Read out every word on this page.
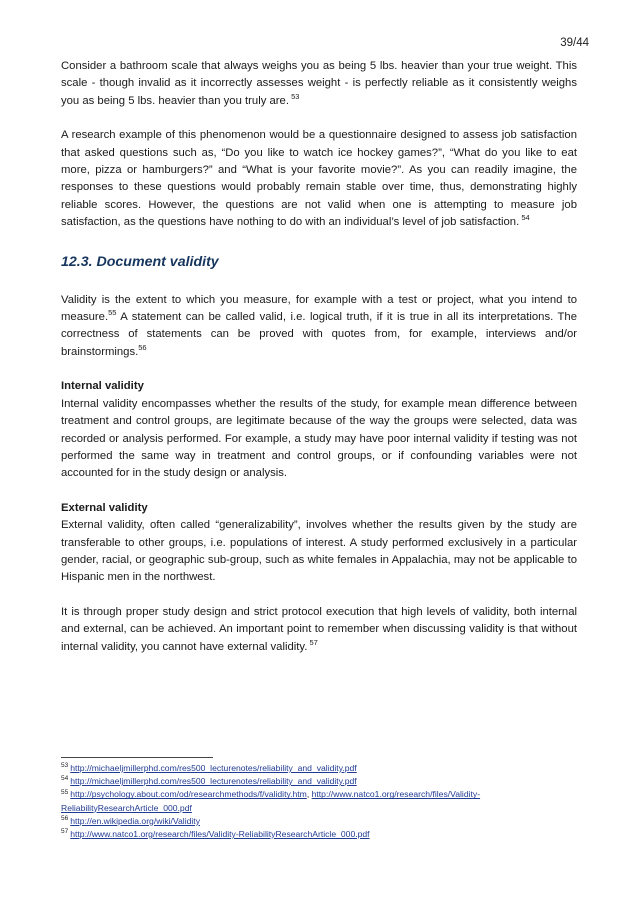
39/44

Consider a bathroom scale that always weighs you as being 5 lbs. heavier than your true weight. This scale - though invalid as it incorrectly assesses weight - is perfectly reliable as it consistently weighs you as being 5 lbs. heavier than you truly are. $^{53}$

A research example of this phenomenon would be a questionnaire designed to assess job satisfaction that asked questions such as, “Do you like to watch ice hockey games?”, “What do you like to eat more, pizza or hamburgers?” and “What is your favorite movie?”. As you can readily imagine, the responses to these questions would probably remain stable over time, thus, demonstrating highly reliable scores. However, the questions are not valid when one is attempting to measure job satisfaction, as the questions have nothing to do with an individual’s level of job satisfaction. $^{54}$

12.3. Document validity

Validity is the extent to which you measure, for example with a test or project, what you intend to measure.$^{55}$ A statement can be called valid, i.e. logical truth, if it is true in all its interpretations. The correctness of statements can be proved with quotes from, for example, interviews and/or brainstormings.$^{56}$

Internal validity
Internal validity encompasses whether the results of the study, for example mean difference between treatment and control groups, are legitimate because of the way the groups were selected, data was recorded or analysis performed. For example, a study may have poor internal validity if testing was not performed the same way in treatment and control groups, or if confounding variables were not accounted for in the study design or analysis.

External validity
External validity, often called “generalizability”, involves whether the results given by the study are transferable to other groups, i.e. populations of interest. A study performed exclusively in a particular gender, racial, or geographic sub-group, such as white females in Appalachia, may not be applicable to Hispanic men in the northwest.

It is through proper study design and strict protocol execution that high levels of validity, both internal and external, can be achieved. An important point to remember when discussing validity is that without internal validity, you cannot have external validity. $^{57}$

$^{53}$ http://michaeljmillerphd.com/res500_lecturenotes/reliability_and_validity.pdf

$^{54}$ http://michaeljmillerphd.com/res500_lecturenotes/reliability_and_validity.pdf

$^{55}$ http://psychology.about.com/od/researchmethods/f/validity.htm, http://www.natco1.org/research/files/Validity-ReliabilityResearchArticle_000.pdf

$^{56}$ http://en.wikipedia.org/wiki/Validity

$^{57}$ http://www.natco1.org/research/files/Validity-ReliabilityResearchArticle_000.pdf
